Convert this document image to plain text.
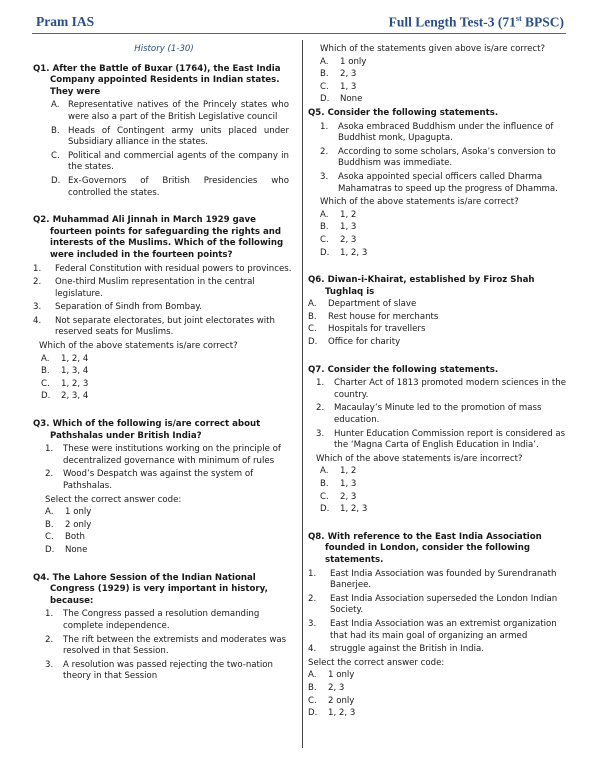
Pram IAS	Full Length Test-3 (71st BPSC)
History (1-30)
Q1. After the Battle of Buxar (1764), the East India Company appointed Residents in Indian states. They were
A. Representative natives of the Princely states who were also a part of the British Legislative council
B. Heads of Contingent army units placed under Subsidiary alliance in the states.
C. Political and commercial agents of the company in the states.
D. Ex-Governors of British Presidencies who controlled the states.
Q2. Muhammad Ali Jinnah in March 1929 gave fourteen points for safeguarding the rights and interests of the Muslims. Which of the following were included in the fourteen points?
1.	Federal Constitution with residual powers to provinces.
2.	One-third Muslim representation in the central legislature.
3.	Separation of Sindh from Bombay.
4.	Not separate electorates, but joint electorates with reserved seats for Muslims.
Which of the above statements is/are correct?
A.	1, 2, 4
B.	1, 3, 4
C.	1, 2, 3
D.	2, 3, 4
Q3. Which of the following is/are correct about Pathshalas under British India?
1.	These were institutions working on the principle of decentralized governance with minimum of rules
2.	Wood’s Despatch was against the system of Pathshalas.
Select the correct answer code:
A.	1 only
B.	2 only
C.	Both
D.	None
Q4. The Lahore Session of the Indian National Congress (1929) is very important in history, because:
1.	The Congress passed a resolution demanding complete independence.
2.	The rift between the extremists and moderates was resolved in that Session.
3.	A resolution was passed rejecting the two-nation theory in that Session
Which of the statements given above is/are correct?
A.	1 only
B.	2, 3
C.	1, 3
D.	None
Q5. Consider the following statements.
1.	Asoka embraced Buddhism under the influence of Buddhist monk, Upagupta.
2.	According to some scholars, Asoka’s conversion to Buddhism was immediate.
3.	Asoka appointed special officers called Dharma Mahamatras to speed up the progress of Dhamma.
Which of the above statements is/are correct?
A.	1, 2
B.	1, 3
C.	2, 3
D.	1, 2, 3
Q6. Diwan-i-Khairat, established by Firoz Shah Tughlaq is
A.	Department of slave
B.	Rest house for merchants
C.	Hospitals for travellers
D.	Office for charity
Q7. Consider the following statements.
1.	Charter Act of 1813 promoted modern sciences in the country.
2.	Macaulay’s Minute led to the promotion of mass education.
3.	Hunter Education Commission report is considered as the ‘Magna Carta of English Education in India’.
Which of the above statements is/are incorrect?
A.	1, 2
B.	1, 3
C.	2, 3
D.	1, 2, 3
Q8. With reference to the East India Association founded in London, consider the following statements.
1.	East India Association was founded by Surendranath Banerjee.
2.	East India Association superseded the London Indian Society.
3.	East India Association was an extremist organization that had its main goal of organizing an armed
4.	struggle against the British in India.
Select the correct answer code:
A.	1 only
B.	2, 3
C.	2 only
D.	1, 2, 3
